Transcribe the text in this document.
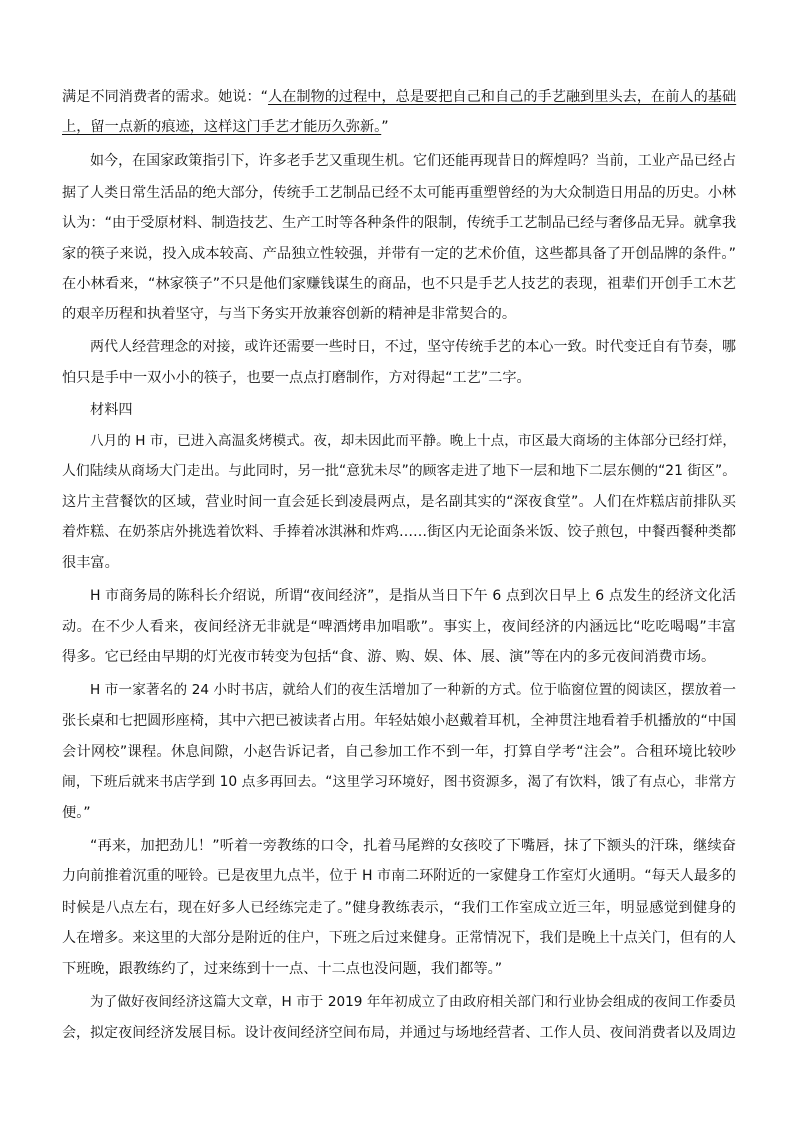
满足不同消费者的需求。她说：“人在制物的过程中，总是要把自己和自己的手艺融到里头去，在前人的基础
上，留一点新的痕迹，这样这门手艺才能历久弥新。”
如今，在国家政策指引下，许多老手艺又重现生机。它们还能再现昔日的辉煌吗？当前，工业产品已经占
据了人类日常生活品的绝大部分，传统手工艺制品已经不太可能再重塑曾经的为大众制造日用品的历史。小林
认为：“由于受原材料、制造技艺、生产工时等各种条件的限制，传统手工艺制品已经与奢侈品无异。就拿我
家的筷子来说，投入成本较高、产品独立性较强，并带有一定的艺术价值，这些都具备了开创品牌的条件。”
在小林看来，“林家筷子”不只是他们家赚钱谋生的商品，也不只是手艺人技艺的表现，祖辈们开创手工木艺
的艰辛历程和执着坚守，与当下务实开放兼容创新的精神是非常契合的。
两代人经营理念的对接，或许还需要一些时日，不过，坚守传统手艺的本心一致。时代变迁自有节奏，哪
怕只是手中一双小小的筷子，也要一点点打磨制作，方对得起“工艺”二字。
材料四
八月的 H 市，已进入高温炙烤模式。夜，却未因此而平静。晚上十点，市区最大商场的主体部分已经打烊，
人们陆续从商场大门走出。与此同时，另一批“意犹未尽”的顾客走进了地下一层和地下二层东侧的“21 街区”。
这片主营餐饮的区域，营业时间一直会延长到凌晨两点，是名副其实的“深夜食堂”。人们在炸糕店前排队买
着炸糕、在奶茶店外挑选着饮料、手捧着冰淇淋和炸鸡……街区内无论面条米饭、饺子煎包，中餐西餐种类都
很丰富。
H 市商务局的陈科长介绍说，所谓“夜间经济”，是指从当日下午 6 点到次日早上 6 点发生的经济文化活
动。在不少人看来，夜间经济无非就是“啤酒烤串加唱歌”。事实上，夜间经济的内涵远比“吃吃喝喝”丰富
得多。它已经由早期的灯光夜市转变为包括“食、游、购、娱、体、展、演”等在内的多元夜间消费市场。
H 市一家著名的 24 小时书店，就给人们的夜生活增加了一种新的方式。位于临窗位置的阅读区，摆放着一
张长桌和七把圆形座椅，其中六把已被读者占用。年轻姑娘小赵戴着耳机，全神贯注地看着手机播放的“中国
会计网校”课程。休息间隙，小赵告诉记者，自己参加工作不到一年，打算自学考“注会”。合租环境比较吵
闹，下班后就来书店学到 10 点多再回去。“这里学习环境好，图书资源多，渴了有饮料，饿了有点心，非常方
便。”
“再来，加把劲儿！”听着一旁教练的口令，扎着马尾辫的女孩咬了下嘴唇，抹了下额头的汗珠，继续奋
力向前推着沉重的哑铃。已是夜里九点半，位于 H 市南二环附近的一家健身工作室灯火通明。“每天人最多的
时候是八点左右，现在好多人已经练完走了。”健身教练表示，“我们工作室成立近三年，明显感觉到健身的
人在增多。来这里的大部分是附近的住户，下班之后过来健身。正常情况下，我们是晚上十点关门，但有的人
下班晚，跟教练约了，过来练到十一点、十二点也没问题，我们都等。”
为了做好夜间经济这篇大文章，H 市于 2019 年年初成立了由政府相关部门和行业协会组成的夜间工作委员
会，拟定夜间经济发展目标。设计夜间经济空间布局，并通过与场地经营者、工作人员、夜间消费者以及周边
